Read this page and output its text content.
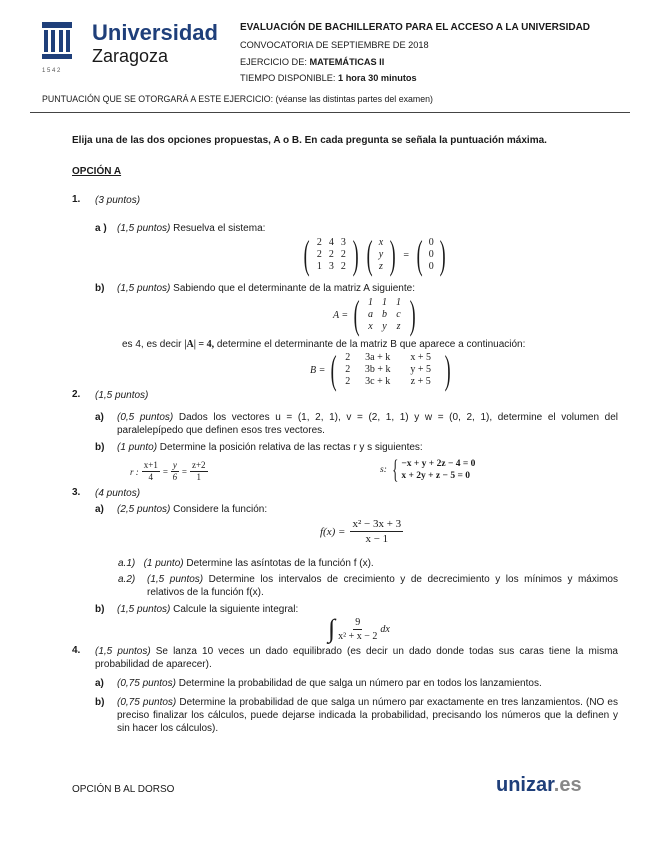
1 5 4 2
Universidad
Zaragoza
EVALUACIÓN DE BACHILLERATO PARA EL ACCESO A LA UNIVERSIDAD
CONVOCATORIA DE SEPTIEMBRE DE 2018
EJERCICIO DE: MATEMÁTICAS II
TIEMPO DISPONIBLE: 1 hora 30 minutos
PUNTUACIÓN QUE SE OTORGARÁ A ESTE EJERCICIO: (véanse las distintas partes del examen)
Elija una de las dos opciones propuestas, A o B. En cada pregunta se señala la puntuación máxima.
OPCIÓN A
1. (3 puntos)
a ) (1,5 puntos) Resuelva el sistema:
( 2 4 3
2 2 2
1 3 2 ) ( x
y
z ) = ( 0
0
0 )
b) (1,5 puntos) Sabiendo que el determinante de la matriz A siguiente:
A = ( 1 1 1
a b c
x y z )
es 4, es decir |A| = 4, determine el determinante de la matriz B que aparece a continuación:
B = ( 2	3a + k	x + 5
2	3b + k	y + 5
2	3c + k	z + 5 )
2. (1,5 puntos)
a) (0,5 puntos) Dados los vectores u = (1, 2, 1), v = (2, 1, 1) y w = (0, 2, 1), determine el volumen del paralelepípedo que definen esos tres vectores.
b) (1 punto) Determine la posición relativa de las rectas r y s siguientes:
r : $\frac{x+1}{4} = \frac{y}{6} = \frac{z+2}{1}$	s: { −x + y + 2z − 4 = 0
x + 2y + z − 5 = 0
3. (4 puntos)
a) (2,5 puntos) Considere la función:
$f(x) = \frac{\text{x² − 3x + 3}}{x - 1}$
a.1) (1 punto) Determine las asíntotas de la función f (x).
a.2) (1,5 puntos) Determine los intervalos de crecimiento y de decrecimiento y los mínimos y máximos relativos de la función f(x).
b) (1,5 puntos) Calcule la siguiente integral:
∫ $\frac{9}{\text{x² + x − 2}}$ dx
4. (1,5 puntos) Se lanza 10 veces un dado equilibrado (es decir un dado donde todas sus caras tiene la misma probabilidad de aparecer).
a) (0,75 puntos) Determine la probabilidad de que salga un número par en todos los lanzamientos.
b) (0,75 puntos) Determine la probabilidad de que salga un número par exactamente en tres lanzamientos. (NO es preciso finalizar los cálculos, puede dejarse indicada la probabilidad, precisando los números que la definen y sin hacer los cálculos).
OPCIÓN B AL DORSO	unizar.es
